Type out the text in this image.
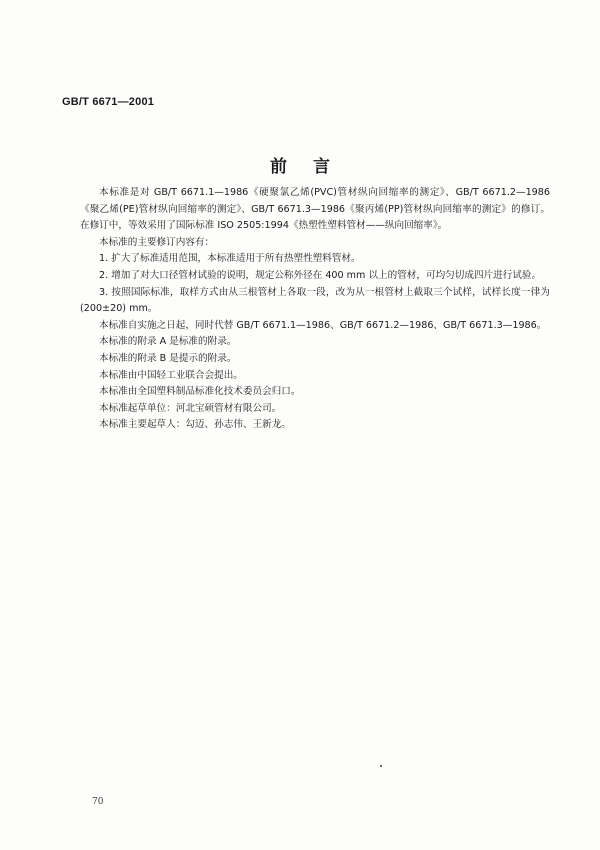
GB/T 6671—2001
前言

本标准是对 GB/T 6671.1—1986《硬聚氯乙烯(PVC)管材纵向回缩率的测定》、GB/T 6671.2—1986《聚乙烯(PE)管材纵向回缩率的测定》、GB/T 6671.3—1986《聚丙烯(PP)管材纵向回缩率的测定》的修订。在修订中，等效采用了国际标准 ISO 2505:1994《热塑性塑料管材——纵向回缩率》。

本标准的主要修订内容有：

1. 扩大了标准适用范围，本标准适用于所有热塑性塑料管材。

2. 增加了对大口径管材试验的说明，规定公称外径在 400 mm 以上的管材，可均匀切成四片进行试验。

3. 按照国际标准，取样方式由从三根管材上各取一段，改为从一根管材上截取三个试样，试样长度一律为(200±20) mm。

本标准自实施之日起，同时代替 GB/T 6671.1—1986、GB/T 6671.2—1986、GB/T 6671.3—1986。

本标准的附录 A 是标准的附录。

本标准的附录 B 是提示的附录。

本标准由中国轻工业联合会提出。

本标准由全国塑料制品标准化技术委员会归口。

本标准起草单位：河北宝硕管材有限公司。

本标准主要起草人：勾迈、孙志伟、王新龙。

70
